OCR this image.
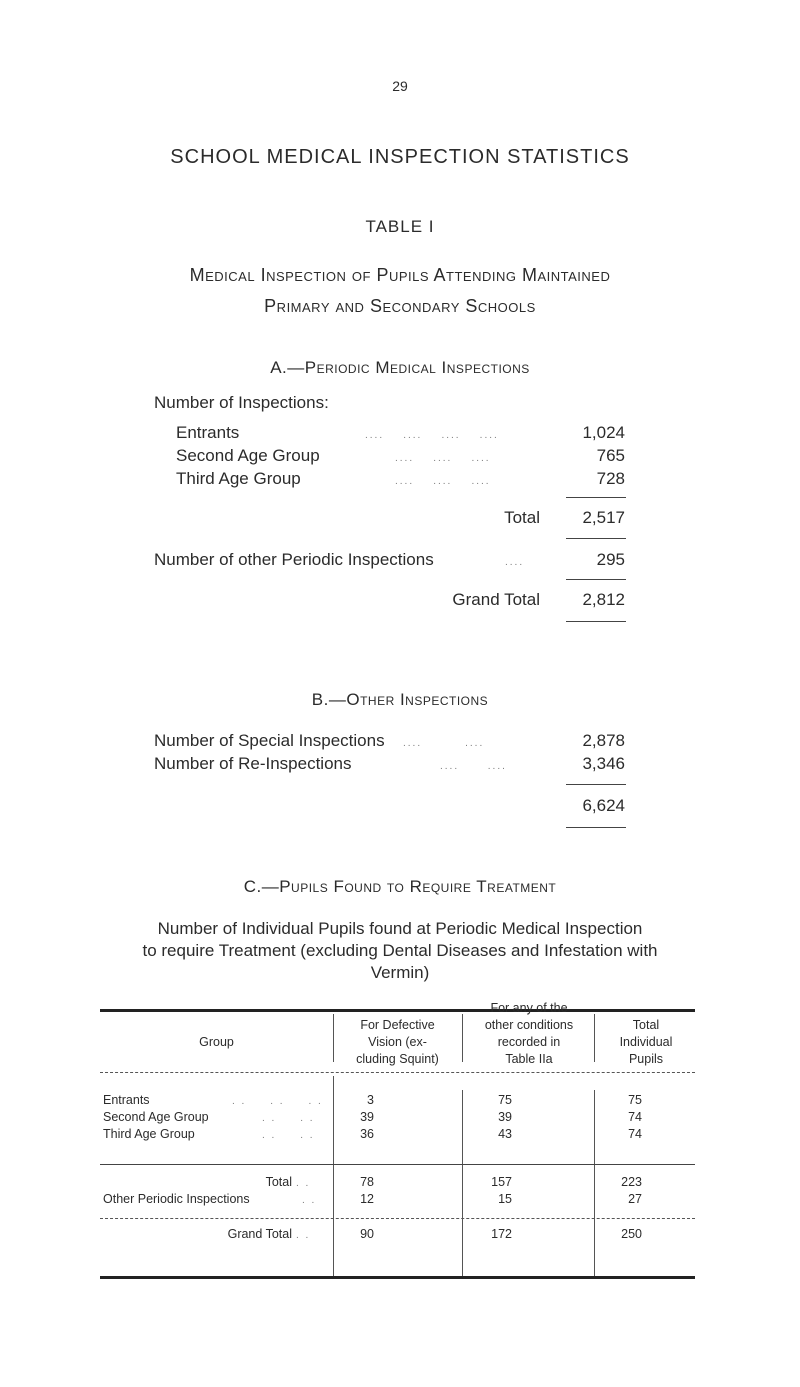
29
SCHOOL MEDICAL INSPECTION STATISTICS
TABLE I
Medical Inspection of Pupils Attending Maintained
Primary and Secondary Schools
A.—Periodic Medical Inspections
Number of Inspections:
Entrants	....    ....    ....    ....	1,024
Second Age Group	....    ....    ....	765
Third Age Group	....    ....    ....	728
Total	2,517
Number of other Periodic Inspections	....	295
Grand Total	2,812
B.—Other Inspections
Number of Special Inspections ....         ....	2,878
Number of Re-Inspections	....      ....	3,346
6,624
C.—Pupils Found to Require Treatment
Number of Individual Pupils found at Periodic Medical Inspection
to require Treatment (excluding Dental Diseases and Infestation with
Vermin)
Group
For Defective
Vision (ex-
cluding Squint)
For any of the
other conditions
recorded in
Table IIa
Total
Individual
Pupils
Entrants	. .     . .     . .	3	75	75
Second Age Group	. .     . .	39	39	74
Third Age Group	. .     . .	36	43	74
Total . .	78	157	223
Other Periodic Inspections	. .	12	15	27
Grand Total . .	90	172	250
